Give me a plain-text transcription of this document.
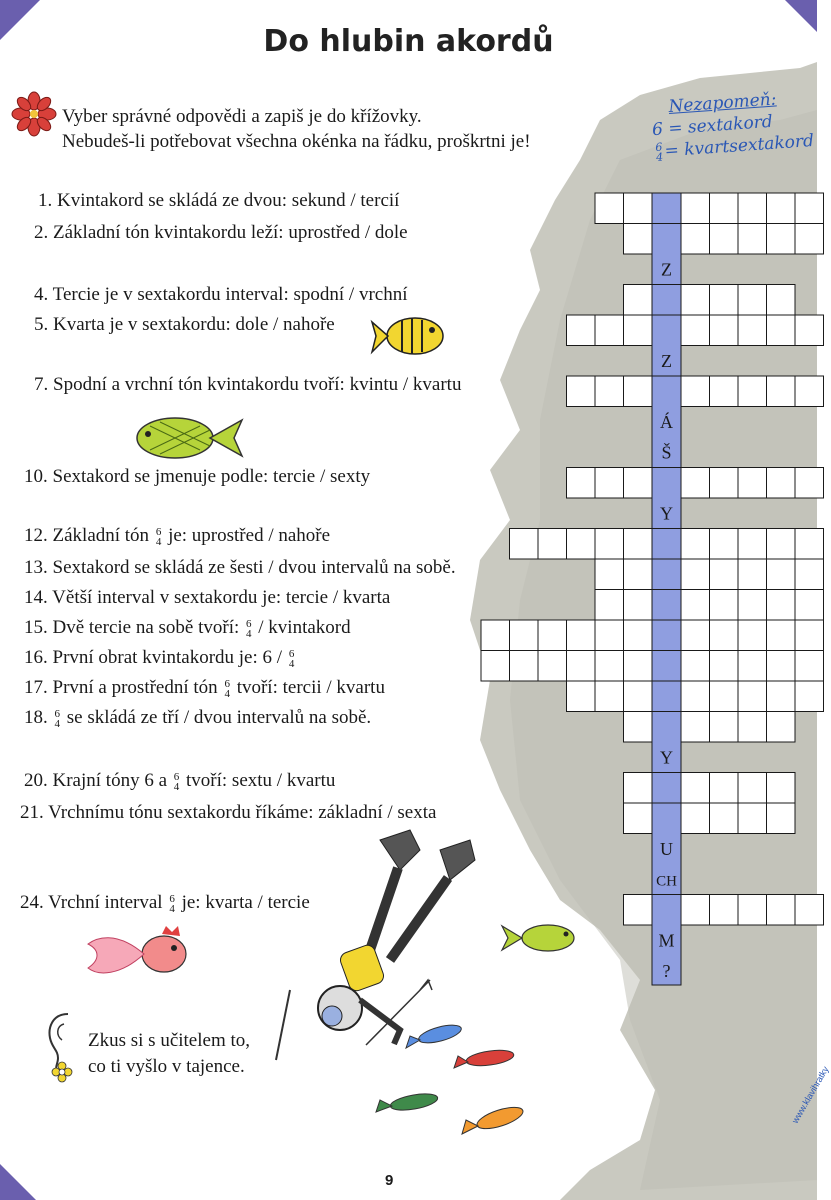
Do hlubin akordů
Vyber správné odpovědi a zapiš je do křížovky.
Nebudeš-li potřebovat všechna okénka na řádku, proškrtni je!
Nezapomeň:
6 = sextakord
6
4 = kvartsextakord
1. Kvintakord se skládá ze dvou: sekund / tercií
2. Základní tón kvintakordu leží: uprostřed / dole
4. Tercie je v sextakordu interval: spodní / vrchní
5. Kvarta je v sextakordu: dole / nahoře
7. Spodní a vrchní tón kvintakordu tvoří: kvintu / kvartu
10. Sextakord se jmenuje podle: tercie / sexty
12. Základní tón 6
4 je: uprostřed / nahoře
13. Sextakord se skládá ze šesti / dvou intervalů na sobě.
14. Větší interval v sextakordu je: tercie / kvarta
15. Dvě tercie na sobě tvoří: 6
4 / kvintakord
16. První obrat kvintakordu je: 6 / 6
4
17. První a prostřední tón 6
4 tvoří: tercii / kvartu
18. 6
4 se skládá ze tří / dvou intervalů na sobě.
20. Krajní tóny 6 a 6
4 tvoří: sextu / kvartu
21. Vrchnímu tónu sextakordu říkáme: základní / sexta
24. Vrchní interval 6
4 je: kvarta / tercie
Z
Z
Á
Š
Y
Y
U
CH
M
?
Zkus si s učitelem to,
co ti vyšlo v tajence.
9
www.klavihratky
